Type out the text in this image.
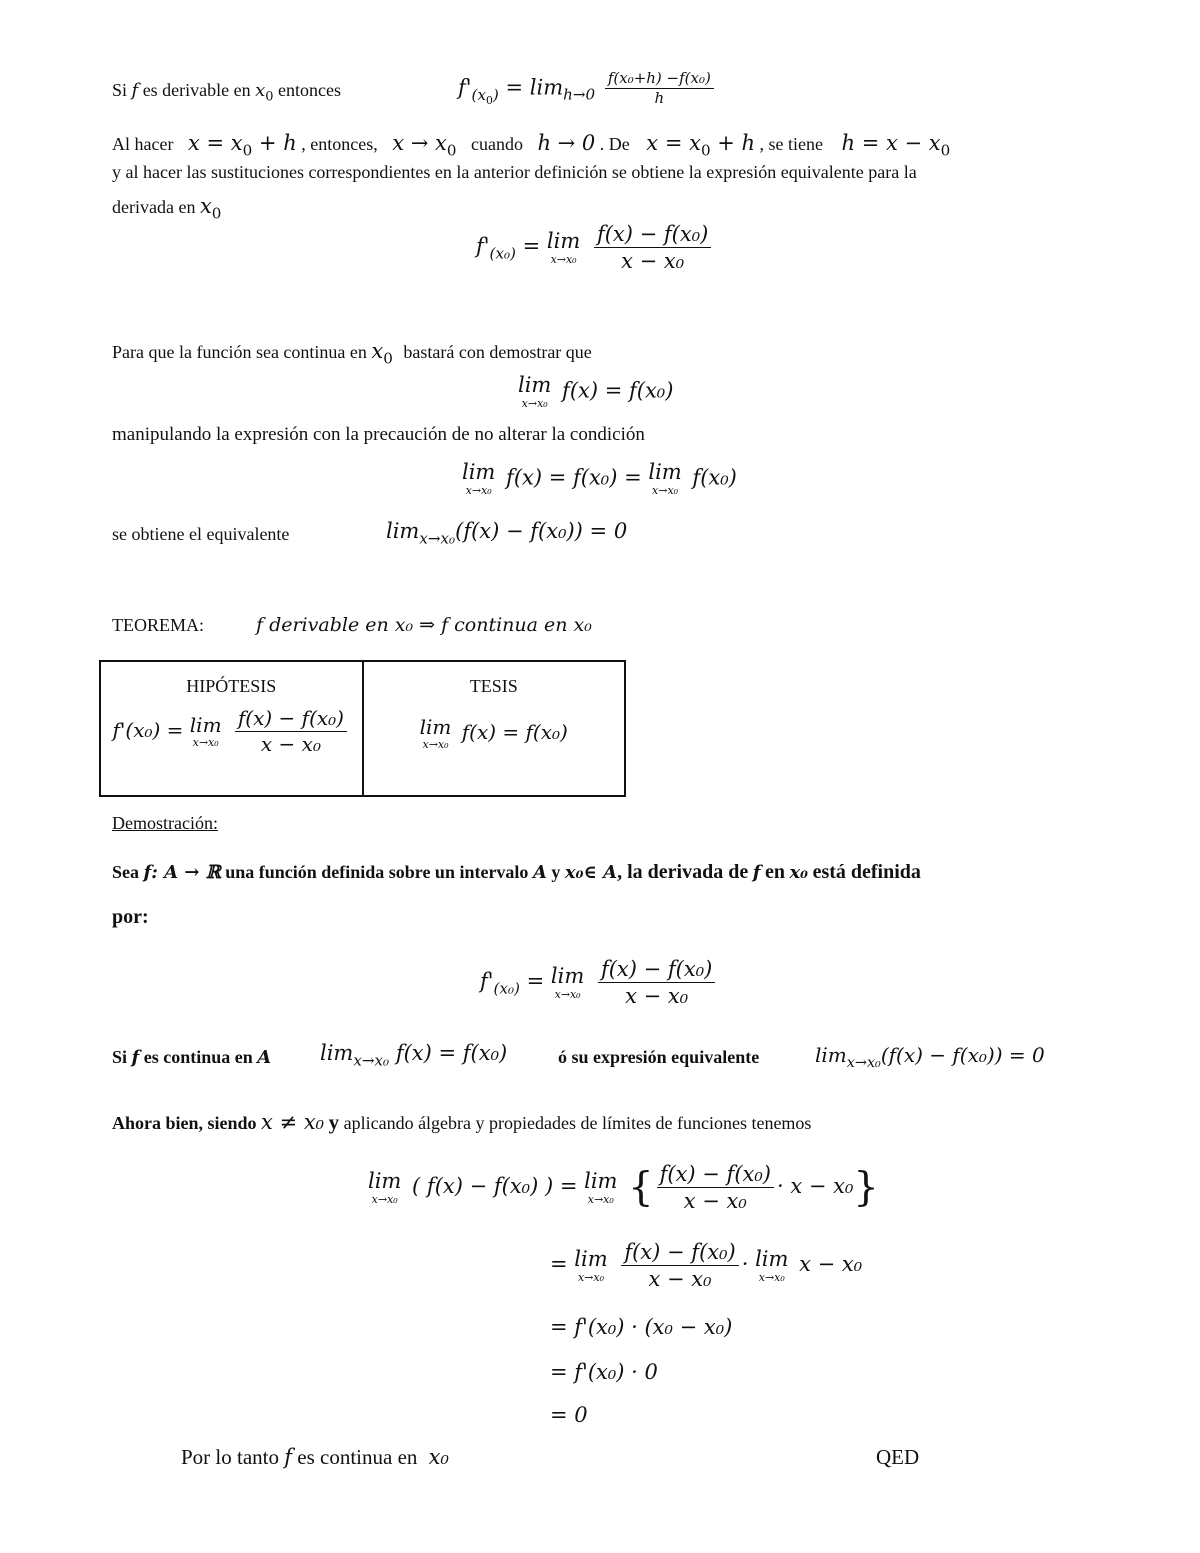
Si f es derivable en $x_0$ entonces	$f'_{(x_0)} = \lim_{h\to 0} \frac{\text{f(x₀+h) −f(x₀)}}{h}$
Al hacer $x = x_0 + h$ , entonces, $x \to x_0$ cuando h → 0 . De $x = x_0 + h$ , se tiene $h = x - x_0$
y al hacer las sustituciones correspondientes en la anterior definición se obtiene la expresión equivalente para la
derivada en $x_0$
$f'_{(x_0)} = \lim$
x→x₀
$\frac{\text{f(x) − f(x₀)}}{\text{x − x₀}}$
Para que la función sea continua en $x_0$ bastará con demostrar que
lim
x→x₀
f(x) = f(x₀)
manipulando la expresión con la precaución de no alterar la condición
lim
x→x₀
f(x) = f(x₀) = lim
x→x₀
f(x₀)
se obtiene el equivalente	$\lim_{x\to x_0}(f(x) - f(x_0)) = 0$
TEOREMA:	f derivable en x₀ ⇒ f continua en x₀
HIPÓTESIS
f'(x₀) = lim
x→x₀
$\frac{\text{f(x) − f(x₀)}}{\text{x − x₀}}$

TESIS
lim
x→x₀
f(x) = f(x₀)
Demostración:
Sea f: A → ℝ una función definida sobre un intervalo A y x₀∈ A, la derivada de f en x₀ está definida
por:
$f'_{(x_0)} = \lim$
x→x₀
$\frac{\text{f(x) − f(x₀)}}{\text{x − x₀}}$
Si f es continua en A $\lim_{x\to x_0} f(x) = f(x_0)$	ó su expresión equivalente	$\lim_{x\to x_0}(f(x) - f(x_0)) = 0$
Ahora bien, siendo x ≠ x₀ y aplicando álgebra y propiedades de límites de funciones tenemos
lim
x→x₀
( f(x) − f(x₀) ) = lim
x→x₀ { $\frac{\text{f(x) − f(x₀)}}{\text{x − x₀}} \cdot x - x_0$}
= lim
x→x₀
$\frac{\text{f(x) − f(x₀)}}{\text{x − x₀}} \cdot \lim$
x→x₀
x − x₀
= f'(x₀) · (x₀ − x₀)
= f'(x₀) · 0
= 0
Por lo tanto f es continua en x₀	QED
